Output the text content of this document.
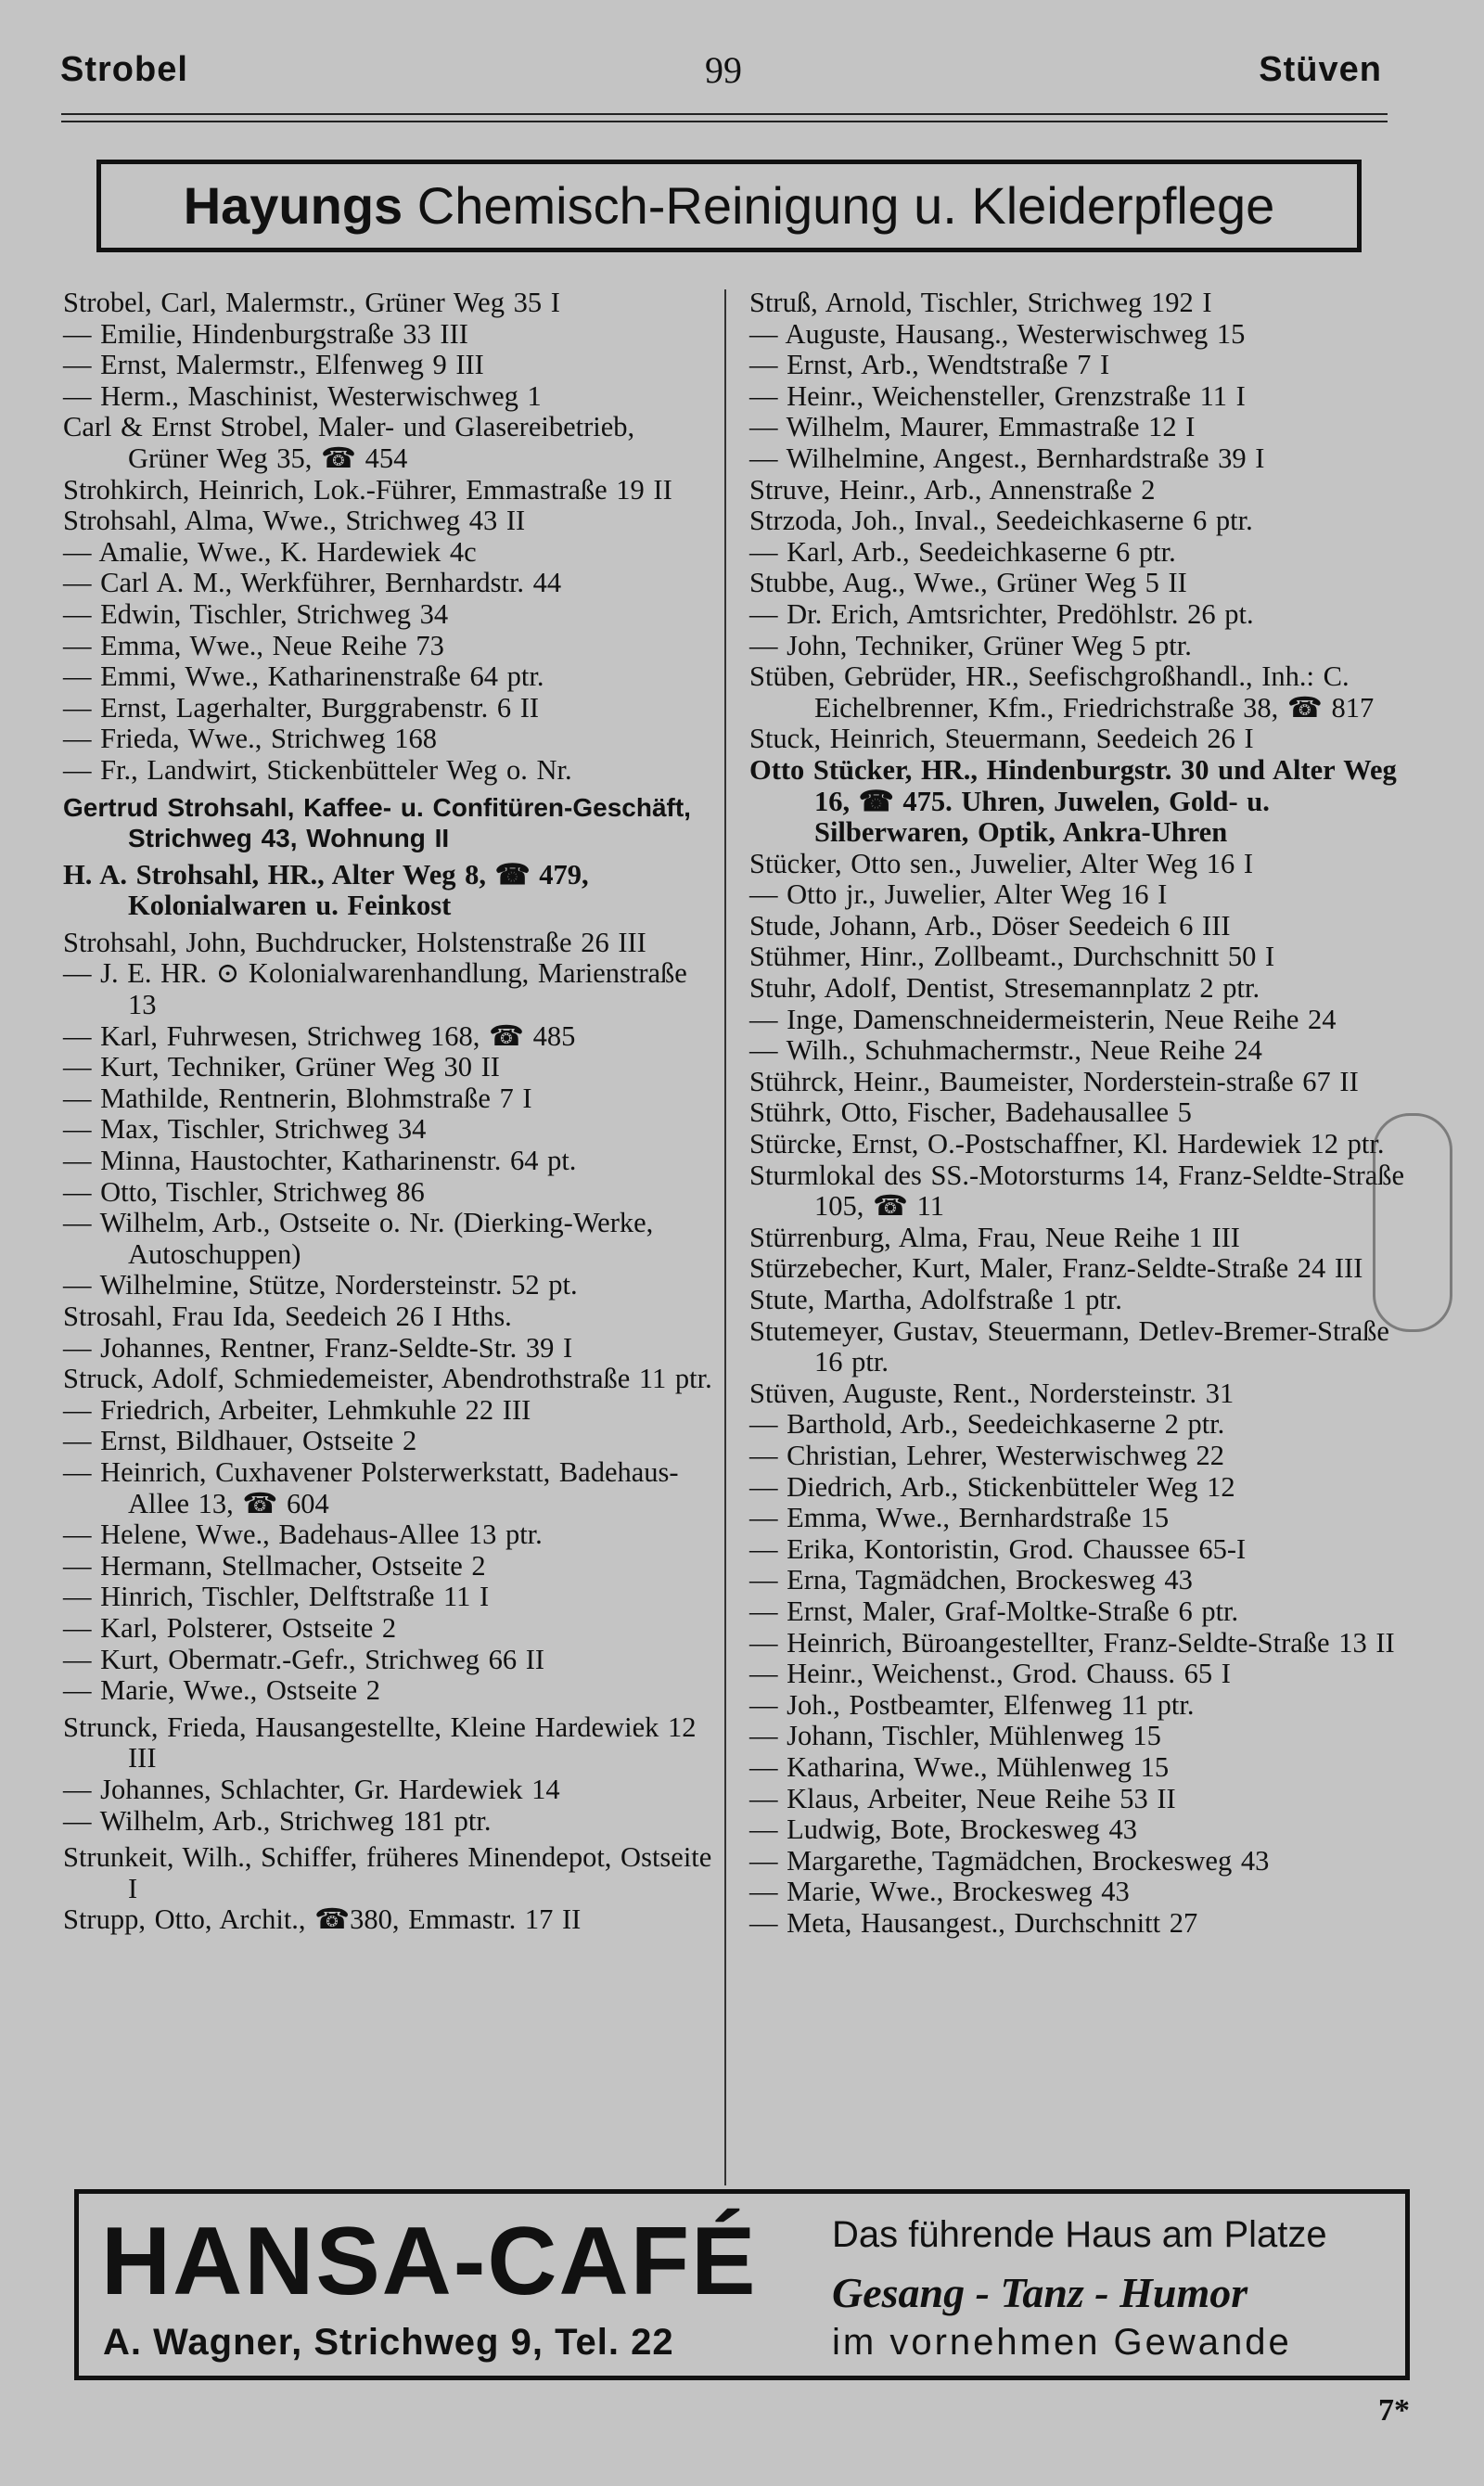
Strobel	99	Stüven
Hayungs Chemisch-Reinigung u. Kleiderpflege
Strobel, Carl, Malermstr., Grüner Weg 35 I
— Emilie, Hindenburgstraße 33 III
— Ernst, Malermstr., Elfenweg 9 III
— Herm., Maschinist, Westerwischweg 1
Carl & Ernst Strobel, Maler- und Glasereibetrieb, Grüner Weg 35, ☎ 454
Strohkirch, Heinrich, Lok.-Führer, Emmastraße 19 II
Strohsahl, Alma, Wwe., Strichweg 43 II
— Amalie, Wwe., K. Hardewiek 4c
— Carl A. M., Werkführer, Bernhardstr. 44
— Edwin, Tischler, Strichweg 34
— Emma, Wwe., Neue Reihe 73
— Emmi, Wwe., Katharinenstraße 64 ptr.
— Ernst, Lagerhalter, Burggrabenstr. 6 II
— Frieda, Wwe., Strichweg 168
— Fr., Landwirt, Stickenbütteler Weg o. Nr.
Gertrud Strohsahl, Kaffee- u. Confitüren-Geschäft, Strichweg 43, Wohnung II
H. A. Strohsahl, HR., Alter Weg 8, ☎ 479, Kolonialwaren u. Feinkost
Strohsahl, John, Buchdrucker, Holstenstraße 26 III
— J. E. HR. ⊙ Kolonialwarenhandlung, Marienstraße 13
— Karl, Fuhrwesen, Strichweg 168, ☎ 485
— Kurt, Techniker, Grüner Weg 30 II
— Mathilde, Rentnerin, Blohmstraße 7 I
— Max, Tischler, Strichweg 34
— Minna, Haustochter, Katharinenstr. 64 pt.
— Otto, Tischler, Strichweg 86
— Wilhelm, Arb., Ostseite o. Nr. (Dierking-Werke, Autoschuppen)
— Wilhelmine, Stütze, Nordersteinstr. 52 pt.
Strosahl, Frau Ida, Seedeich 26 I Hths.
— Johannes, Rentner, Franz-Seldte-Str. 39 I
Struck, Adolf, Schmiedemeister, Abendrothstraße 11 ptr.
— Friedrich, Arbeiter, Lehmkuhle 22 III
— Ernst, Bildhauer, Ostseite 2
— Heinrich, Cuxhavener Polsterwerkstatt, Badehaus-Allee 13, ☎ 604
— Helene, Wwe., Badehaus-Allee 13 ptr.
— Hermann, Stellmacher, Ostseite 2
— Hinrich, Tischler, Delftstraße 11 I
— Karl, Polsterer, Ostseite 2
— Kurt, Obermatr.-Gefr., Strichweg 66 II
— Marie, Wwe., Ostseite 2
Strunck, Frieda, Hausangestellte, Kleine Hardewiek 12 III
— Johannes, Schlachter, Gr. Hardewiek 14
— Wilhelm, Arb., Strichweg 181 ptr.
Strunkeit, Wilh., Schiffer, früheres Minendepot, Ostseite I
Strupp, Otto, Archit., ☎380, Emmastr. 17 II
Struß, Arnold, Tischler, Strichweg 192 I
— Auguste, Hausang., Westerwischweg 15
— Ernst, Arb., Wendtstraße 7 I
— Heinr., Weichensteller, Grenzstraße 11 I
— Wilhelm, Maurer, Emmastraße 12 I
— Wilhelmine, Angest., Bernhardstraße 39 I
Struve, Heinr., Arb., Annenstraße 2
Strzoda, Joh., Inval., Seedeichkaserne 6 ptr.
— Karl, Arb., Seedeichkaserne 6 ptr.
Stubbe, Aug., Wwe., Grüner Weg 5 II
— Dr. Erich, Amtsrichter, Predöhlstr. 26 pt.
— John, Techniker, Grüner Weg 5 ptr.
Stüben, Gebrüder, HR., Seefischgroßhandl., Inh.: C. Eichelbrenner, Kfm., Friedrichstraße 38, ☎ 817
Stuck, Heinrich, Steuermann, Seedeich 26 I
Otto Stücker, HR., Hindenburgstr. 30 und Alter Weg 16, ☎ 475. Uhren, Juwelen, Gold- u. Silberwaren, Optik, Ankra-Uhren
Stücker, Otto sen., Juwelier, Alter Weg 16 I
— Otto jr., Juwelier, Alter Weg 16 I
Stude, Johann, Arb., Döser Seedeich 6 III
Stühmer, Hinr., Zollbeamt., Durchschnitt 50 I
Stuhr, Adolf, Dentist, Stresemannplatz 2 ptr.
— Inge, Damenschneidermeisterin, Neue Reihe 24
— Wilh., Schuhmachermstr., Neue Reihe 24
Stührck, Heinr., Baumeister, Norderstein-straße 67 II
Stührk, Otto, Fischer, Badehausallee 5
Stürcke, Ernst, O.-Postschaffner, Kl. Hardewiek 12 ptr.
Sturmlokal des SS.-Motorsturms 14, Franz-Seldte-Straße 105, ☎ 11
Stürrenburg, Alma, Frau, Neue Reihe 1 III
Stürzebecher, Kurt, Maler, Franz-Seldte-Straße 24 III
Stute, Martha, Adolfstraße 1 ptr.
Stutemeyer, Gustav, Steuermann, Detlev-Bremer-Straße 16 ptr.
Stüven, Auguste, Rent., Nordersteinstr. 31
— Barthold, Arb., Seedeichkaserne 2 ptr.
— Christian, Lehrer, Westerwischweg 22
— Diedrich, Arb., Stickenbütteler Weg 12
— Emma, Wwe., Bernhardstraße 15
— Erika, Kontoristin, Grod. Chaussee 65-I
— Erna, Tagmädchen, Brockesweg 43
— Ernst, Maler, Graf-Moltke-Straße 6 ptr.
— Heinrich, Büroangestellter, Franz-Seldte-Straße 13 II
— Heinr., Weichenst., Grod. Chauss. 65 I
— Joh., Postbeamter, Elfenweg 11 ptr.
— Johann, Tischler, Mühlenweg 15
— Katharina, Wwe., Mühlenweg 15
— Klaus, Arbeiter, Neue Reihe 53 II
— Ludwig, Bote, Brockesweg 43
— Margarethe, Tagmädchen, Brockesweg 43
— Marie, Wwe., Brockesweg 43
— Meta, Hausangest., Durchschnitt 27
HANSA-CAFÉ
A. Wagner, Strichweg 9, Tel. 22
Das führende Haus am Platze
Gesang - Tanz - Humor
im vornehmen Gewande
7*
